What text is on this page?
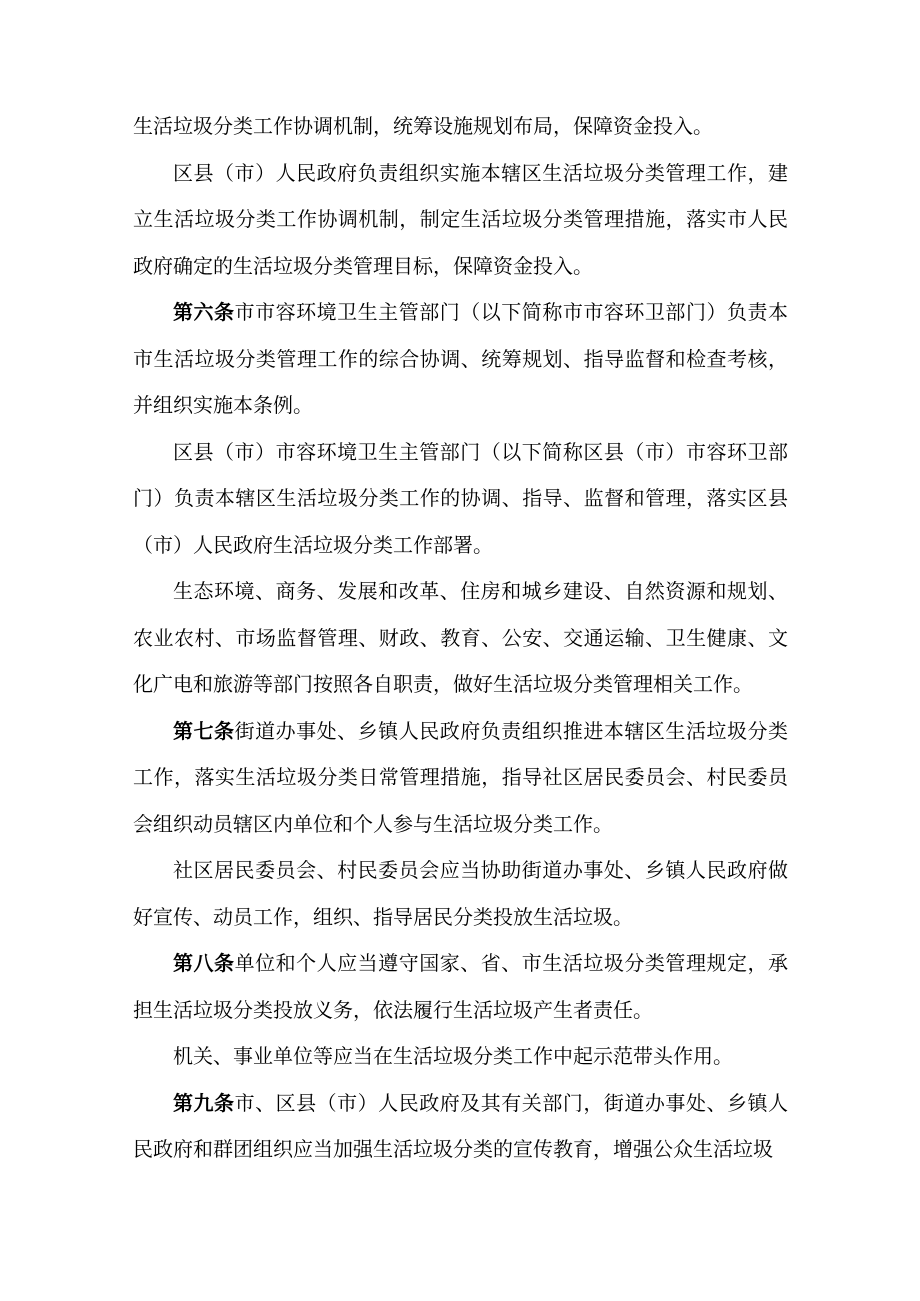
生活垃圾分类工作协调机制，统筹设施规划布局，保障资金投入。

区县（市）人民政府负责组织实施本辖区生活垃圾分类管理工作，建立生活垃圾分类工作协调机制，制定生活垃圾分类管理措施，落实市人民政府确定的生活垃圾分类管理目标，保障资金投入。

第六条市市容环境卫生主管部门（以下简称市市容环卫部门）负责本市生活垃圾分类管理工作的综合协调、统筹规划、指导监督和检查考核，并组织实施本条例。

区县（市）市容环境卫生主管部门（以下简称区县（市）市容环卫部门）负责本辖区生活垃圾分类工作的协调、指导、监督和管理，落实区县（市）人民政府生活垃圾分类工作部署。

生态环境、商务、发展和改革、住房和城乡建设、自然资源和规划、农业农村、市场监督管理、财政、教育、公安、交通运输、卫生健康、文化广电和旅游等部门按照各自职责，做好生活垃圾分类管理相关工作。

第七条街道办事处、乡镇人民政府负责组织推进本辖区生活垃圾分类工作，落实生活垃圾分类日常管理措施，指导社区居民委员会、村民委员会组织动员辖区内单位和个人参与生活垃圾分类工作。

社区居民委员会、村民委员会应当协助街道办事处、乡镇人民政府做好宣传、动员工作，组织、指导居民分类投放生活垃圾。

第八条单位和个人应当遵守国家、省、市生活垃圾分类管理规定，承担生活垃圾分类投放义务，依法履行生活垃圾产生者责任。

机关、事业单位等应当在生活垃圾分类工作中起示范带头作用。

第九条市、区县（市）人民政府及其有关部门，街道办事处、乡镇人民政府和群团组织应当加强生活垃圾分类的宣传教育，增强公众生活垃圾
